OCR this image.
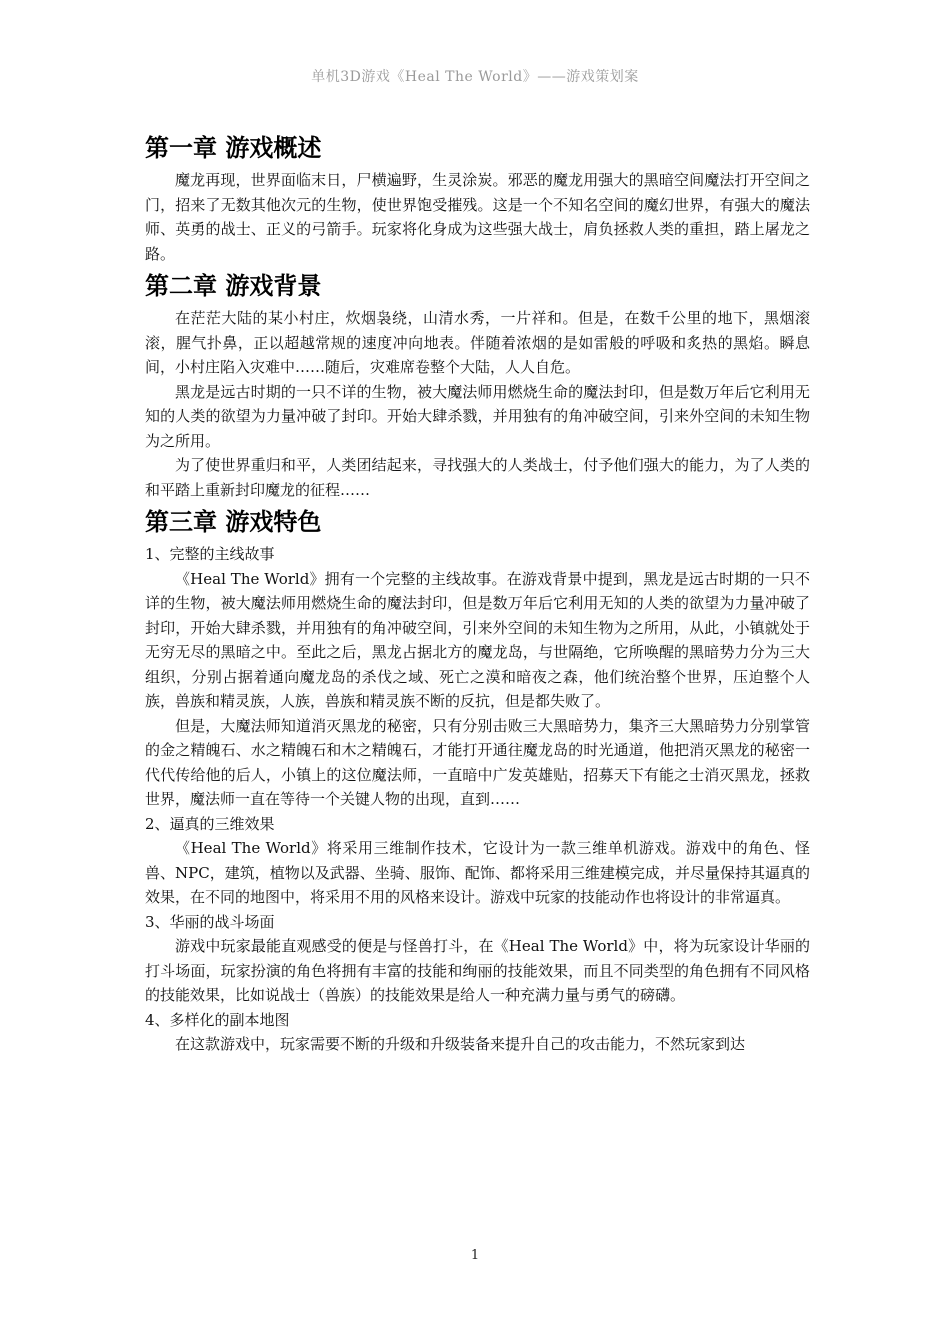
单机3D游戏《Heal The World》——游戏策划案
第一章 游戏概述

魔龙再现，世界面临末日，尸横遍野，生灵涂炭。邪恶的魔龙用强大的黑暗空间魔法打开空间之门，招来了无数其他次元的生物，使世界饱受摧残。这是一个不知名空间的魔幻世界，有强大的魔法师、英勇的战士、正义的弓箭手。玩家将化身成为这些强大战士，肩负拯救人类的重担，踏上屠龙之路。

第二章 游戏背景

在茫茫大陆的某小村庄，炊烟袅绕，山清水秀，一片祥和。但是，在数千公里的地下，黑烟滚滚，腥气扑鼻，正以超越常规的速度冲向地表。伴随着浓烟的是如雷般的呼吸和炙热的黑焰。瞬息间，小村庄陷入灾难中……随后，灾难席卷整个大陆，人人自危。

黑龙是远古时期的一只不详的生物，被大魔法师用燃烧生命的魔法封印，但是数万年后它利用无知的人类的欲望为力量冲破了封印。开始大肆杀戮，并用独有的角冲破空间，引来外空间的未知生物为之所用。

为了使世界重归和平，人类团结起来，寻找强大的人类战士，付予他们强大的能力，为了人类的和平踏上重新封印魔龙的征程……

第三章 游戏特色

1、完整的主线故事

《Heal The World》拥有一个完整的主线故事。在游戏背景中提到，黑龙是远古时期的一只不详的生物，被大魔法师用燃烧生命的魔法封印，但是数万年后它利用无知的人类的欲望为力量冲破了封印，开始大肆杀戮，并用独有的角冲破空间，引来外空间的未知生物为之所用，从此，小镇就处于无穷无尽的黑暗之中。至此之后，黑龙占据北方的魔龙岛，与世隔绝，它所唤醒的黑暗势力分为三大组织，分别占据着通向魔龙岛的杀伐之域、死亡之漠和暗夜之森，他们统治整个世界，压迫整个人族，兽族和精灵族，人族，兽族和精灵族不断的反抗，但是都失败了。

但是，大魔法师知道消灭黑龙的秘密，只有分别击败三大黑暗势力，集齐三大黑暗势力分别掌管的金之精魄石、水之精魄石和木之精魄石，才能打开通往魔龙岛的时光通道，他把消灭黑龙的秘密一代代传给他的后人，小镇上的这位魔法师，一直暗中广发英雄贴，招募天下有能之士消灭黑龙，拯救世界，魔法师一直在等待一个关键人物的出现，直到……

2、逼真的三维效果

《Heal The World》将采用三维制作技术，它设计为一款三维单机游戏。游戏中的角色、怪兽、NPC，建筑，植物以及武器、坐骑、服饰、配饰、都将采用三维建模完成，并尽量保持其逼真的效果，在不同的地图中，将采用不用的风格来设计。游戏中玩家的技能动作也将设计的非常逼真。

3、华丽的战斗场面

游戏中玩家最能直观感受的便是与怪兽打斗，在《Heal The World》中，将为玩家设计华丽的打斗场面，玩家扮演的角色将拥有丰富的技能和绚丽的技能效果，而且不同类型的角色拥有不同风格的技能效果，比如说战士（兽族）的技能效果是给人一种充满力量与勇气的磅礴。

4、多样化的副本地图

在这款游戏中，玩家需要不断的升级和升级装备来提升自己的攻击能力，不然玩家到达

1
